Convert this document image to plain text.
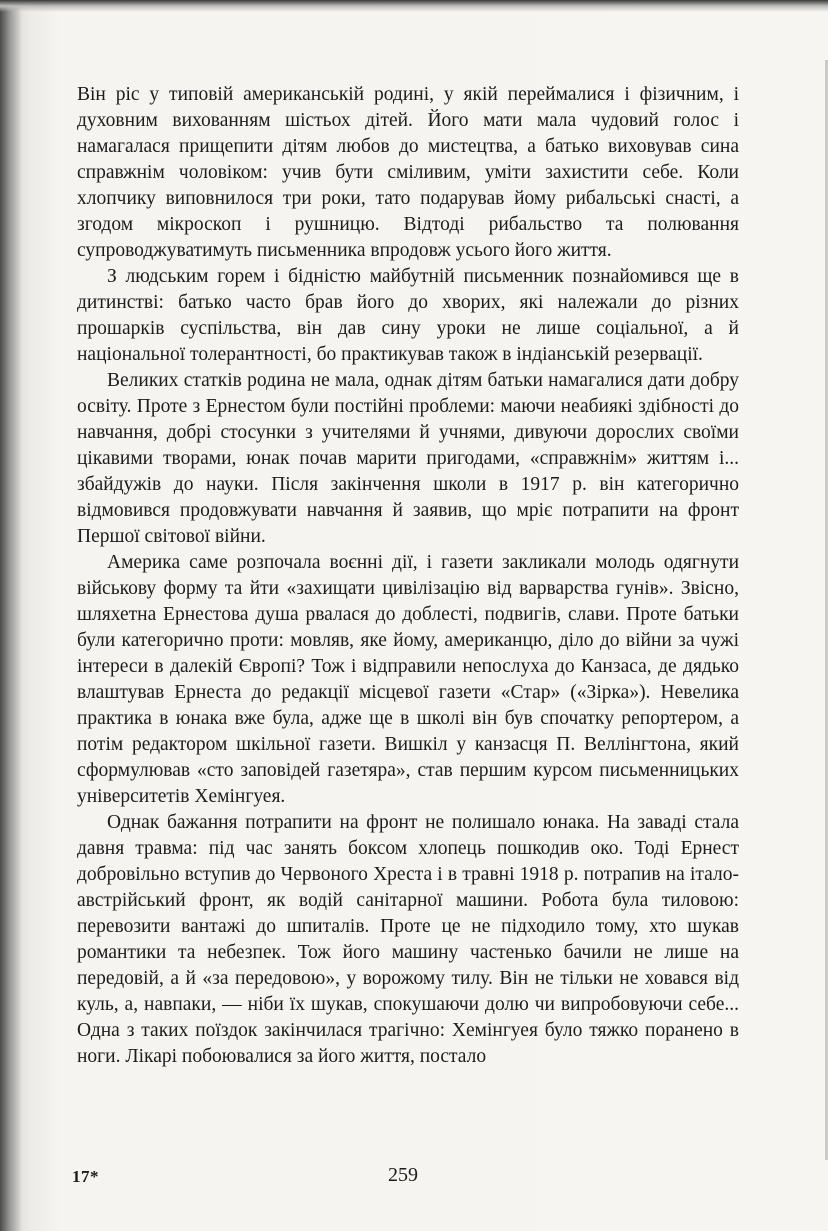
Він ріс у типовій американській родині, у якій переймалися і фізичним, і духовним вихованням шістьох дітей. Його мати мала чудовий голос і намагалася прищепити дітям любов до мистецтва, а батько виховував сина справжнім чоловіком: учив бути сміливим, уміти захистити себе. Коли хлопчику виповнилося три роки, тато подарував йому рибальські снасті, а згодом мікроскоп і рушницю. Відтоді рибальство та полювання супроводжуватимуть письменника впродовж усього його життя.

З людським горем і бідністю майбутній письменник познайомився ще в дитинстві: батько часто брав його до хворих, які належали до різних прошарків суспільства, він дав сину уроки не лише соціальної, а й національної толерантності, бо практикував також в індіанській резервації.

Великих статків родина не мала, однак дітям батьки намагалися дати добру освіту. Проте з Ернестом були постійні проблеми: маючи неабиякі здібності до навчання, добрі стосунки з учителями й учнями, дивуючи дорослих своїми цікавими творами, юнак почав марити пригодами, «справжнім» життям і... збайдужів до науки. Після закінчення школи в 1917 р. він категорично відмовився продовжувати навчання й заявив, що мріє потрапити на фронт Першої світової війни.

Америка саме розпочала воєнні дії, і газети закликали молодь одягнути військову форму та йти «захищати цивілізацію від варварства гунів». Звісно, шляхетна Ернестова душа рвалася до доблесті, подвигів, слави. Проте батьки були категорично проти: мовляв, яке йому, американцю, діло до війни за чужі інтереси в далекій Європі? Тож і відправили непослуха до Канзаса, де дядько влаштував Ернеста до редакції місцевої газети «Стар» («Зірка»). Невелика практика в юнака вже була, адже ще в школі він був спочатку репортером, а потім редактором шкільної газети. Вишкіл у канзасця П. Веллінгтона, який сформулював «сто заповідей газетяра», став першим курсом письменницьких університетів Хемінгуея.

Однак бажання потрапити на фронт не полишало юнака. На заваді стала давня травма: під час занять боксом хлопець пошкодив око. Тоді Ернест добровільно вступив до Червоного Хреста і в травні 1918 р. потрапив на італо-австрійський фронт, як водій санітарної машини. Робота була тиловою: перевозити вантажі до шпиталів. Проте це не підходило тому, хто шукав романтики та небезпек. Тож його машину частенько бачили не лише на передовій, а й «за передовою», у ворожому тилу. Він не тільки не ховався від куль, а, навпаки, — ніби їх шукав, спокушаючи долю чи випробовуючи себе... Одна з таких поїздок закінчилася трагічно: Хемінгуея було тяжко поранено в ноги. Лікарі побоювалися за його життя, постало

17*	259
